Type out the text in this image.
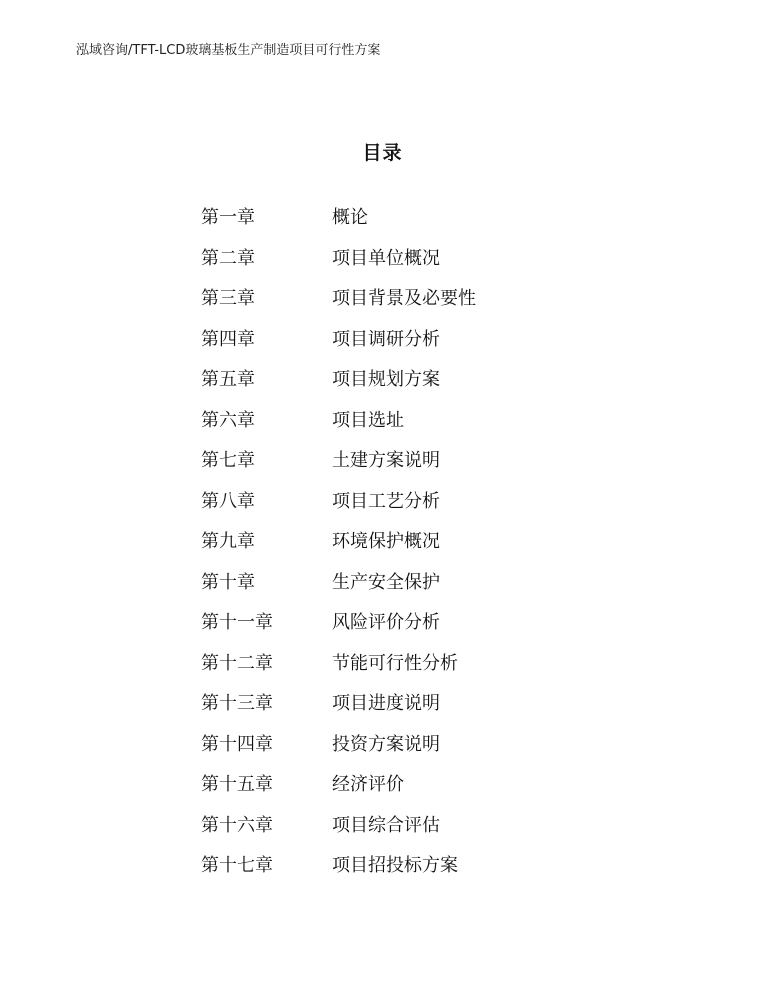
泓域咨询/TFT-LCD玻璃基板生产制造项目可行性方案
目录
第一章	概论
第二章	项目单位概况
第三章	项目背景及必要性
第四章	项目调研分析
第五章	项目规划方案
第六章	项目选址
第七章	土建方案说明
第八章	项目工艺分析
第九章	环境保护概况
第十章	生产安全保护
第十一章	风险评价分析
第十二章	节能可行性分析
第十三章	项目进度说明
第十四章	投资方案说明
第十五章	经济评价
第十六章	项目综合评估
第十七章	项目招投标方案
